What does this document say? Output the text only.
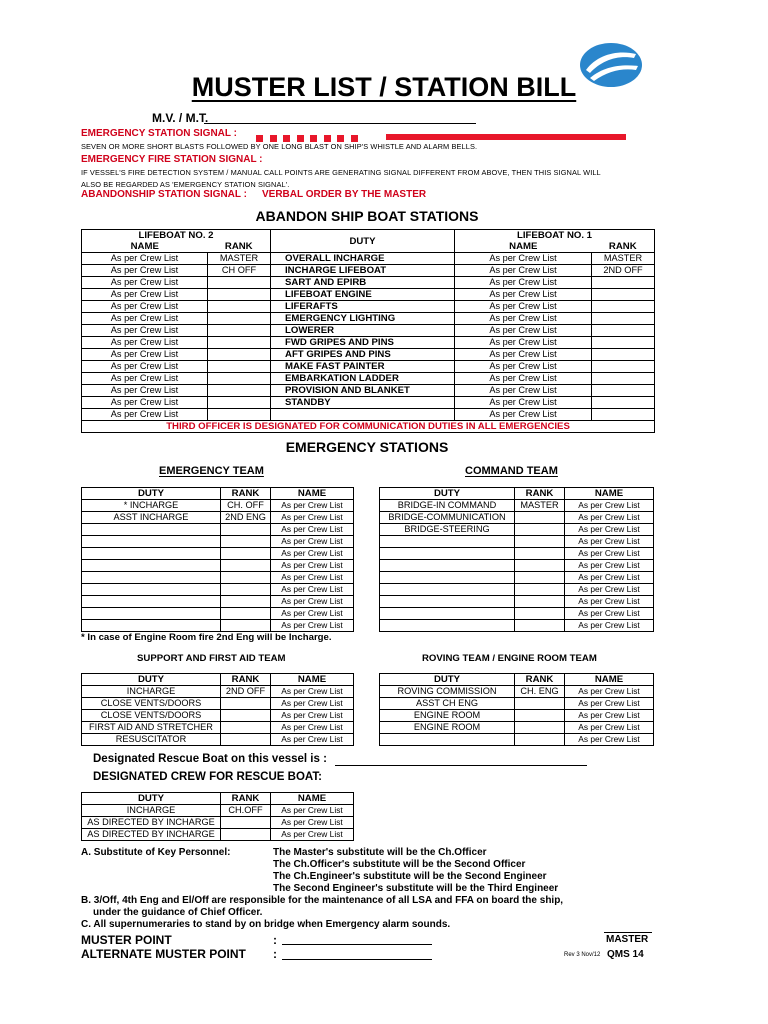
MUSTER LIST / STATION BILL
M.V. / M.T.
EMERGENCY STATION SIGNAL :
SEVEN OR MORE SHORT BLASTS FOLLOWED BY ONE LONG BLAST ON SHIP'S WHISTLE AND ALARM BELLS.
EMERGENCY FIRE STATION SIGNAL :
IF VESSEL'S FIRE DETECTION SYSTEM / MANUAL CALL POINTS ARE GENERATING SIGNAL DIFFERENT FROM ABOVE, THEN THIS SIGNAL WILL
ALSO BE REGARDED AS 'EMERGENCY STATION SIGNAL'.
ABANDONSHIP STATION SIGNAL : VERBAL ORDER BY THE MASTER
ABANDON SHIP BOAT STATIONS
LIFEBOAT NO. 2		DUTY	LIFEBOAT NO. 1	
NAME	RANK		NAME	RANK
As per Crew List	MASTER	OVERALL INCHARGE	As per Crew List	MASTER
As per Crew List	CH OFF	INCHARGE LIFEBOAT	As per Crew List	2ND OFF
As per Crew List		SART AND EPIRB	As per Crew List	
As per Crew List		LIFEBOAT ENGINE	As per Crew List	
As per Crew List		LIFERAFTS	As per Crew List	
As per Crew List		EMERGENCY LIGHTING	As per Crew List	
As per Crew List		LOWERER	As per Crew List	
As per Crew List		FWD GRIPES AND PINS	As per Crew List	
As per Crew List		AFT GRIPES AND PINS	As per Crew List	
As per Crew List		MAKE FAST PAINTER	As per Crew List	
As per Crew List		EMBARKATION LADDER	As per Crew List	
As per Crew List		PROVISION AND BLANKET	As per Crew List	
As per Crew List		STANDBY	As per Crew List	
As per Crew List			As per Crew List	
THIRD OFFICER IS DESIGNATED FOR COMMUNICATION DUTIES IN ALL EMERGENCIES				
EMERGENCY STATIONS
EMERGENCY TEAM	COMMAND TEAM
DUTY	RANK	NAME
* INCHARGE	CH. OFF	As per Crew List
ASST INCHARGE	2ND ENG	As per Crew List
		As per Crew List
		As per Crew List
		As per Crew List
		As per Crew List
		As per Crew List
		As per Crew List
		As per Crew List
		As per Crew List
		As per Crew List
DUTY	RANK	NAME
BRIDGE-IN COMMAND	MASTER	As per Crew List
BRIDGE-COMMUNICATION		As per Crew List
BRIDGE-STEERING		As per Crew List
		As per Crew List
		As per Crew List
		As per Crew List
		As per Crew List
		As per Crew List
		As per Crew List
		As per Crew List
		As per Crew List
* In case of Engine Room fire 2nd Eng will be Incharge.
SUPPORT AND FIRST AID TEAM	ROVING TEAM / ENGINE ROOM TEAM
DUTY	RANK	NAME
INCHARGE	2ND OFF	As per Crew List
CLOSE VENTS/DOORS		As per Crew List
CLOSE VENTS/DOORS		As per Crew List
FIRST AID AND STRETCHER		As per Crew List
RESUSCITATOR		As per Crew List
DUTY	RANK	NAME
ROVING COMMISSION	CH. ENG	As per Crew List
ASST CH ENG		As per Crew List
ENGINE ROOM		As per Crew List
ENGINE ROOM		As per Crew List
		As per Crew List
Designated Rescue Boat on this vessel is :
DESIGNATED CREW FOR RESCUE BOAT:
DUTY	RANK	NAME
INCHARGE	CH.OFF	As per Crew List
AS DIRECTED BY INCHARGE		As per Crew List
AS DIRECTED BY INCHARGE		As per Crew List
A. Substitute of Key Personnel:	The Master's substitute will be the Ch.Officer
The Ch.Officer's substitute will be the Second Officer
The Ch.Engineer's substitute will be the Second Engineer
The Second Engineer's substitute will be the Third Engineer
B. 3/Off, 4th Eng and El/Off are responsible for the maintenance of all LSA and FFA on board the ship,
under the guidance of Chief Officer.
C. All supernumeraries to stand by on bridge when Emergency alarm sounds.
MUSTER POINT	:
ALTERNATE MUSTER POINT :
MASTER
Rev 3 Nov/12 QMS 14
